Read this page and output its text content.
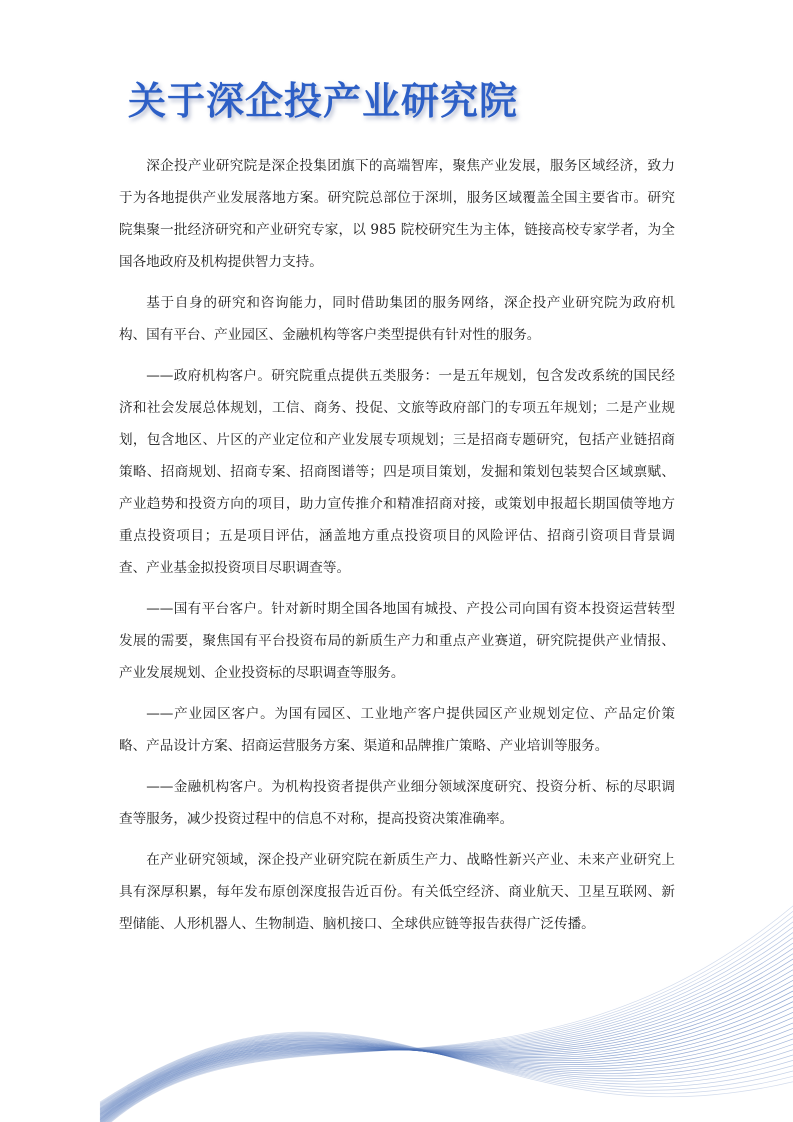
关于深企投产业研究院

深企投产业研究院是深企投集团旗下的高端智库，聚焦产业发展，服务区域经济，致力于为各地提供产业发展落地方案。研究院总部位于深圳，服务区域覆盖全国主要省市。研究院集聚一批经济研究和产业研究专家，以 985 院校研究生为主体，链接高校专家学者，为全国各地政府及机构提供智力支持。

基于自身的研究和咨询能力，同时借助集团的服务网络，深企投产业研究院为政府机构、国有平台、产业园区、金融机构等客户类型提供有针对性的服务。

——政府机构客户。研究院重点提供五类服务：一是五年规划，包含发改系统的国民经济和社会发展总体规划，工信、商务、投促、文旅等政府部门的专项五年规划；二是产业规划，包含地区、片区的产业定位和产业发展专项规划；三是招商专题研究，包括产业链招商策略、招商规划、招商专案、招商图谱等；四是项目策划，发掘和策划包装契合区域禀赋、产业趋势和投资方向的项目，助力宣传推介和精准招商对接，或策划申报超长期国债等地方重点投资项目；五是项目评估，涵盖地方重点投资项目的风险评估、招商引资项目背景调查、产业基金拟投资项目尽职调查等。

——国有平台客户。针对新时期全国各地国有城投、产投公司向国有资本投资运营转型发展的需要，聚焦国有平台投资布局的新质生产力和重点产业赛道，研究院提供产业情报、产业发展规划、企业投资标的尽职调查等服务。

——产业园区客户。为国有园区、工业地产客户提供园区产业规划定位、产品定价策略、产品设计方案、招商运营服务方案、渠道和品牌推广策略、产业培训等服务。

——金融机构客户。为机构投资者提供产业细分领域深度研究、投资分析、标的尽职调查等服务，减少投资过程中的信息不对称，提高投资决策准确率。

在产业研究领域，深企投产业研究院在新质生产力、战略性新兴产业、未来产业研究上具有深厚积累，每年发布原创深度报告近百份。有关低空经济、商业航天、卫星互联网、新型储能、人形机器人、生物制造、脑机接口、全球供应链等报告获得广泛传播。
